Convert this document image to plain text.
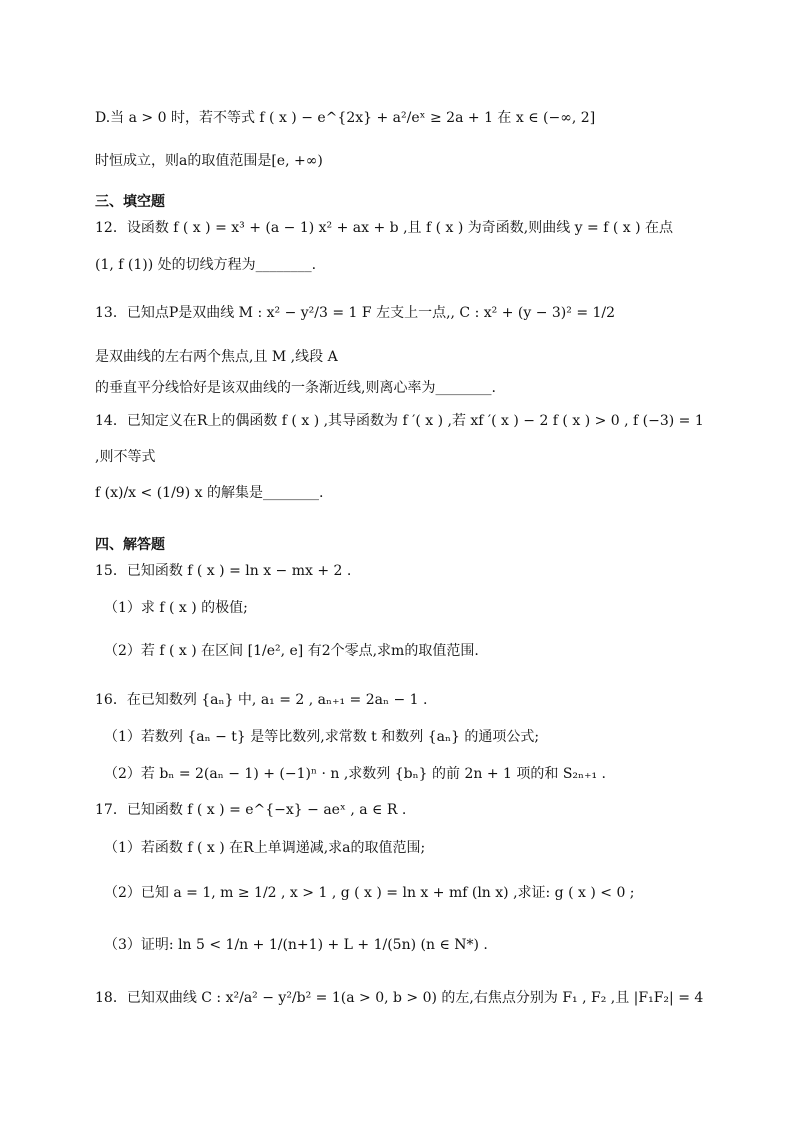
D.当 a > 0 时，若不等式 f ( x ) − e^{2x} + a²/eˣ ≥ 2a + 1 在 x ∈ (−∞, 2]
时恒成立，则a的取值范围是[e, +∞)
三、填空题
12．设函数 f ( x ) = x³ + (a − 1) x² + ax + b ,且 f ( x ) 为奇函数,则曲线 y = f ( x ) 在点
(1, f (1)) 处的切线方程为________.
13．已知点P是双曲线 M : x² − y²/3 = 1 F 左支上一点,, C : x² + (y − 3)² = 1/2
是双曲线的左右两个焦点,且 M ,线段 A
的垂直平分线恰好是该双曲线的一条渐近线,则离心率为________.
14．已知定义在R上的偶函数 f ( x ) ,其导函数为 f ′( x ) ,若 xf ′( x ) − 2 f ( x ) > 0 , f (−3) = 1
,则不等式
f (x)/x < (1/9) x 的解集是________.
四、解答题
15．已知函数 f ( x ) = ln x − mx + 2 .
（1）求 f ( x ) 的极值;
（2）若 f ( x ) 在区间 [1/e², e] 有2个零点,求m的取值范围.
16．在已知数列 {aₙ} 中, a₁ = 2 , aₙ₊₁ = 2aₙ − 1 .
（1）若数列 {aₙ − t} 是等比数列,求常数 t 和数列 {aₙ} 的通项公式;
（2）若 bₙ = 2(aₙ − 1) + (−1)ⁿ · n ,求数列 {bₙ} 的前 2n + 1 项的和 S₂ₙ₊₁ .
17．已知函数 f ( x ) = e^{−x} − aeˣ , a ∈ R .
（1）若函数 f ( x ) 在R上单调递减,求a的取值范围;
（2）已知 a = 1, m ≥ 1/2 , x > 1 , g ( x ) = ln x + mf (ln x) ,求证: g ( x ) < 0 ;
（3）证明: ln 5 < 1/n + 1/(n+1) + L + 1/(5n) (n ∈ N*) .
18．已知双曲线 C : x²/a² − y²/b² = 1(a > 0, b > 0) 的左,右焦点分别为 F₁ , F₂ ,且 |F₁F₂| = 4
